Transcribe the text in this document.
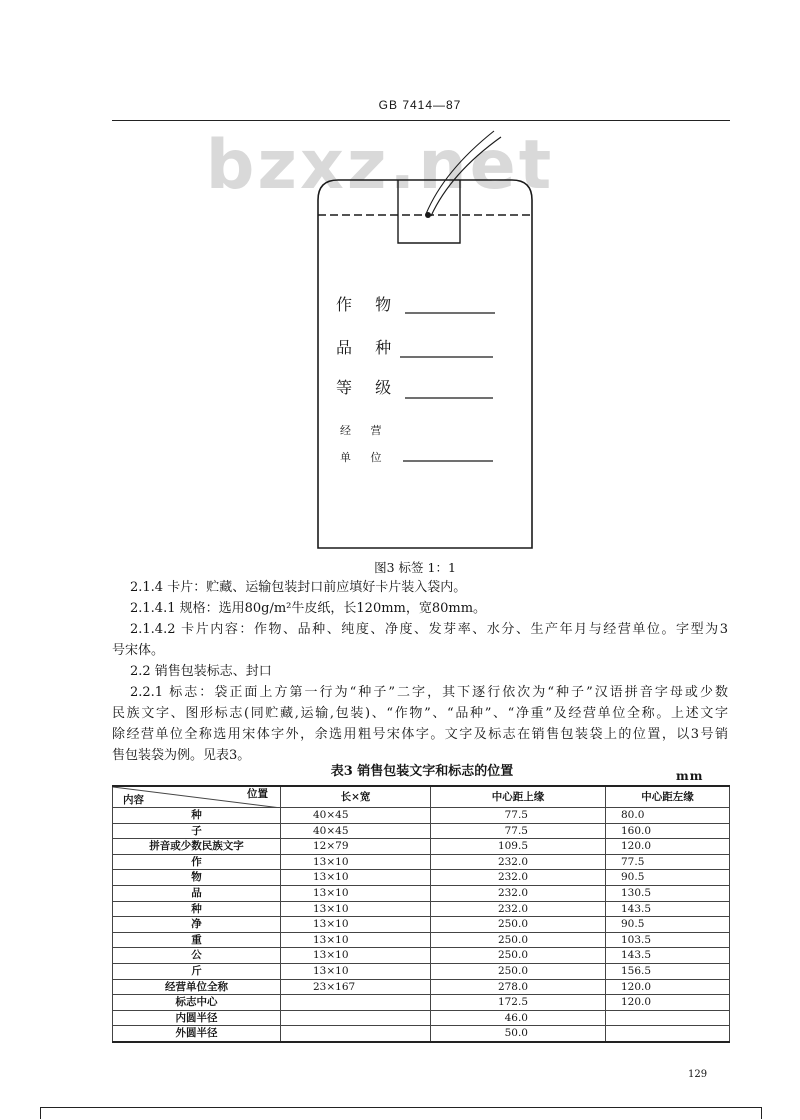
GB 7414—87
bzxz.net
作 物
品 种
等 级
经 营
单 位
图3 标签 1：1
2.1.4 卡片：贮藏、运输包装封口前应填好卡片装入袋内。
2.1.4.1 规格：选用80g/m²牛皮纸，长120mm，宽80mm。
2.1.4.2 卡片内容：作物、品种、纯度、净度、发芽率、水分、生产年月与经营单位。字型为3
号宋体。
2.2 销售包装标志、封口
2.2.1 标志：袋正面上方第一行为“种子”二字，其下逐行依次为“种子”汉语拼音字母或少数
民族文字、图形标志(同贮藏,运输,包装)、“作物”、“品种”、“净重”及经营单位全称。上述文字
除经营单位全称选用宋体字外，余选用粗号宋体字。文字及标志在销售包装袋上的位置，以3号销
售包装袋为例。见表3。
表3 销售包装文字和标志的位置	mm
位置
内容	长×宽	中心距上缘	中心距左缘
种	40×45	77.5	80.0
子	40×45	77.5	160.0
拼音或少数民族文字	12×79	109.5	120.0
作	13×10	232.0	77.5
物	13×10	232.0	90.5
品	13×10	232.0	130.5
种	13×10	232.0	143.5
净	13×10	250.0	90.5
重	13×10	250.0	103.5
公	13×10	250.0	143.5
斤	13×10	250.0	156.5
经营单位全称	23×167	278.0	120.0
标志中心		172.5	120.0
内圆半径		46.0	
外圆半径		50.0	
129
